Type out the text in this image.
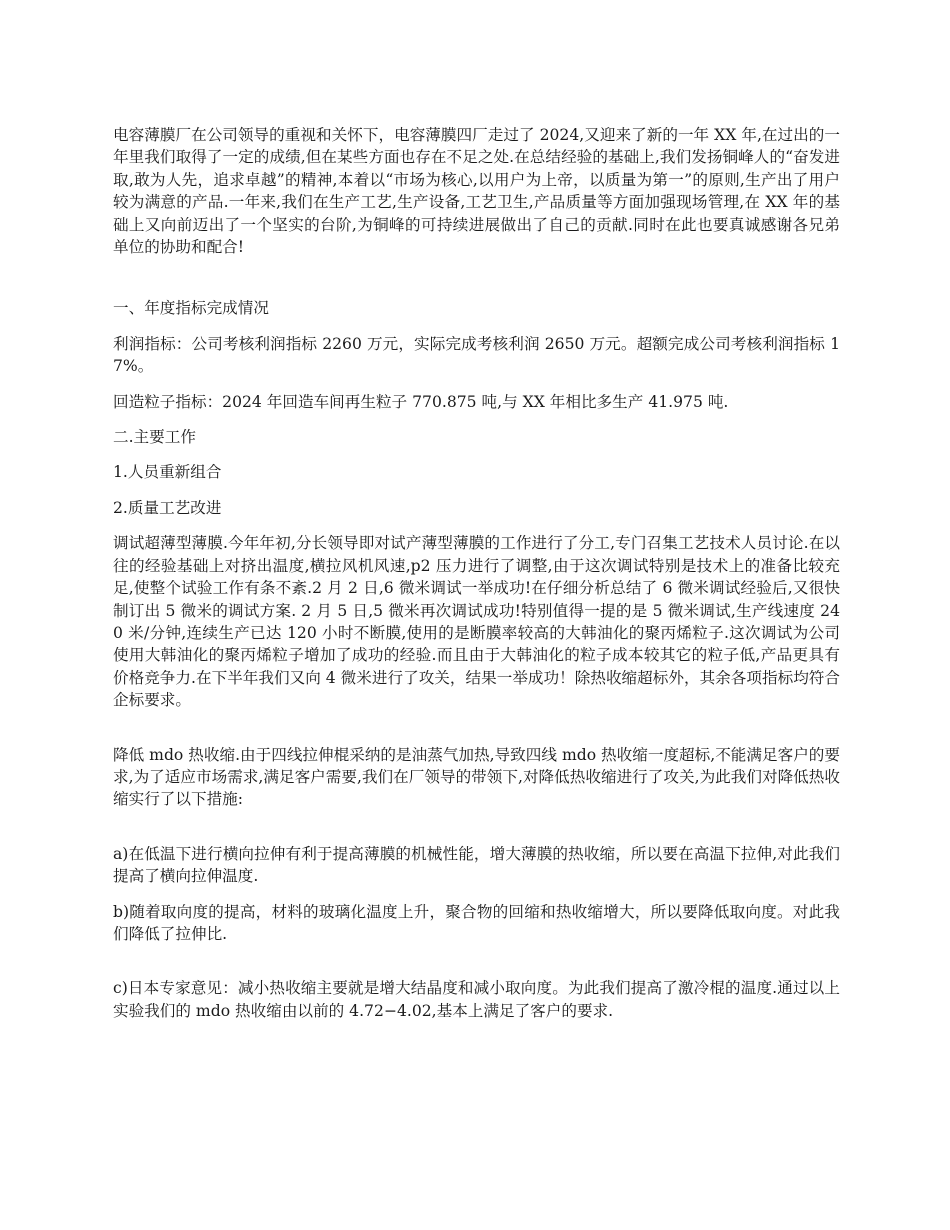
电容薄膜厂在公司领导的重视和关怀下，电容薄膜四厂走过了 2024,又迎来了新的一年 XX 年,在过出的一年里我们取得了一定的成绩,但在某些方面也存在不足之处.在总结经验的基础上,我们发扬铜峰人的“奋发进取,敢为人先，追求卓越”的精神,本着以“市场为核心,以用户为上帝，以质量为第一”的原则,生产出了用户较为满意的产品.一年来,我们在生产工艺,生产设备,工艺卫生,产品质量等方面加强现场管理,在 XX 年的基础上又向前迈出了一个坚实的台阶,为铜峰的可持续进展做出了自己的贡献.同时在此也要真诚感谢各兄弟单位的协助和配合!

一、年度指标完成情况

利润指标：公司考核利润指标 2260 万元，实际完成考核利润 2650 万元。超额完成公司考核利润指标 17%。

回造粒子指标：2024 年回造车间再生粒子 770.875 吨,与 XX 年相比多生产 41.975 吨.

二.主要工作

1.人员重新组合

2.质量工艺改进

调试超薄型薄膜.今年年初,分长领导即对试产薄型薄膜的工作进行了分工,专门召集工艺技术人员讨论.在以往的经验基础上对挤出温度,横拉风机风速,p2 压力进行了调整,由于这次调试特别是技术上的准备比较充足,使整个试验工作有条不紊.2 月 2 日,6 微米调试一举成功!在仔细分析总结了 6 微米调试经验后,又很快制订出 5 微米的调试方案. 2 月 5 日,5 微米再次调试成功!特别值得一提的是 5 微米调试,生产线速度 240 米/分钟,连续生产已达 120 小时不断膜,使用的是断膜率较高的大韩油化的聚丙烯粒子.这次调试为公司使用大韩油化的聚丙烯粒子增加了成功的经验.而且由于大韩油化的粒子成本较其它的粒子低,产品更具有价格竞争力.在下半年我们又向 4 微米进行了攻关，结果一举成功！除热收缩超标外，其余各项指标均符合企标要求。

降低 mdo 热收缩.由于四线拉伸棍采纳的是油蒸气加热,导致四线 mdo 热收缩一度超标,不能满足客户的要求,为了适应市场需求,满足客户需要,我们在厂领导的带领下,对降低热收缩进行了攻关,为此我们对降低热收缩实行了以下措施:

a)在低温下进行横向拉伸有利于提高薄膜的机械性能，增大薄膜的热收缩，所以要在高温下拉伸,对此我们提高了横向拉伸温度.

b)随着取向度的提高，材料的玻璃化温度上升，聚合物的回缩和热收缩增大，所以要降低取向度。对此我们降低了拉伸比.

c)日本专家意见：减小热收缩主要就是增大结晶度和减小取向度。为此我们提高了激冷棍的温度.通过以上实验我们的 mdo 热收缩由以前的 4.72−4.02,基本上满足了客户的要求.
